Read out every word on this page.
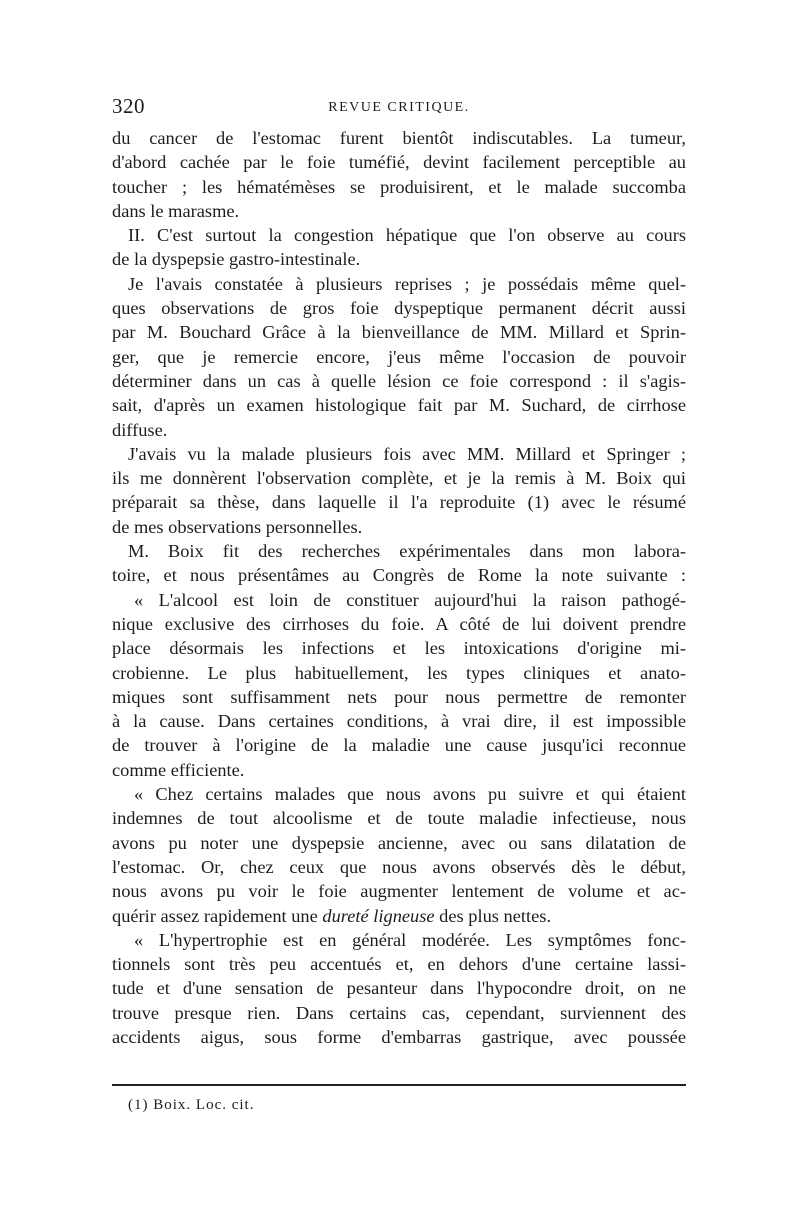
320	REVUE CRITIQUE.
du cancer de l'estomac furent bientôt indiscutables. La tumeur,
d'abord cachée par le foie tuméfié, devint facilement perceptible au
toucher ; les hématémèses se produisirent, et le malade succomba
dans le marasme.
II. C'est surtout la congestion hépatique que l'on observe au cours
de la dyspepsie gastro-intestinale.
Je l'avais constatée à plusieurs reprises ; je possédais même quel-
ques observations de gros foie dyspeptique permanent décrit aussi
par M. Bouchard Grâce à la bienveillance de MM. Millard et Sprin-
ger, que je remercie encore, j'eus même l'occasion de pouvoir
déterminer dans un cas à quelle lésion ce foie correspond : il s'agis-
sait, d'après un examen histologique fait par M. Suchard, de cirrhose
diffuse.
J'avais vu la malade plusieurs fois avec MM. Millard et Springer ;
ils me donnèrent l'observation complète, et je la remis à M. Boix qui
préparait sa thèse, dans laquelle il l'a reproduite (1) avec le résumé
de mes observations personnelles.
M. Boix fit des recherches expérimentales dans mon labora-
toire, et nous présentâmes au Congrès de Rome la note suivante :
« L'alcool est loin de constituer aujourd'hui la raison pathogé-
nique exclusive des cirrhoses du foie. A côté de lui doivent prendre
place désormais les infections et les intoxications d'origine mi-
crobienne. Le plus habituellement, les types cliniques et anato-
miques sont suffisamment nets pour nous permettre de remonter
à la cause. Dans certaines conditions, à vrai dire, il est impossible
de trouver à l'origine de la maladie une cause jusqu'ici reconnue
comme efficiente.
« Chez certains malades que nous avons pu suivre et qui étaient
indemnes de tout alcoolisme et de toute maladie infectieuse, nous
avons pu noter une dyspepsie ancienne, avec ou sans dilatation de
l'estomac. Or, chez ceux que nous avons observés dès le début,
nous avons pu voir le foie augmenter lentement de volume et ac-
quérir assez rapidement une dureté ligneuse des plus nettes.
« L'hypertrophie est en général modérée. Les symptômes fonc-
tionnels sont très peu accentués et, en dehors d'une certaine lassi-
tude et d'une sensation de pesanteur dans l'hypocondre droit, on ne
trouve presque rien. Dans certains cas, cependant, surviennent des
accidents aigus, sous forme d'embarras gastrique, avec poussée
(1) Boix. Loc. cit.
